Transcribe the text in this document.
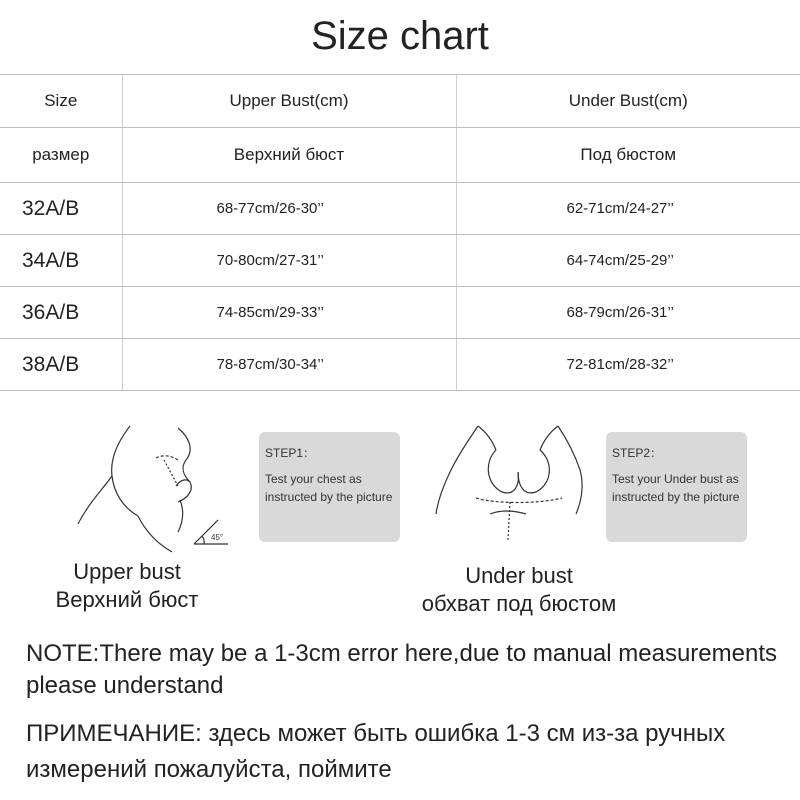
Size chart
Size	Upper Bust(cm)	Under Bust(cm)
размер	Верхний бюст	Под бюстом
32A/B	68-77cm/26-30’’	62-71cm/24-27’’
34A/B	70-80cm/27-31’’	64-74cm/25-29’’
36A/B	74-85cm/29-33’’	68-79cm/26-31’’
38A/B	78-87cm/30-34’’	72-81cm/28-32’’
45°
STEP1：
Test your chest as instructed by the picture
STEP2：
Test your Under bust as instructed by the picture
Upper bust
Верхний бюст
Under bust
обхват под бюстом
NOTE:There may be a 1-3cm error here,due to manual measurements please understand
ПРИМЕЧАНИЕ: здесь может быть ошибка 1-3 см из-за ручных измерений пожалуйста, поймите
